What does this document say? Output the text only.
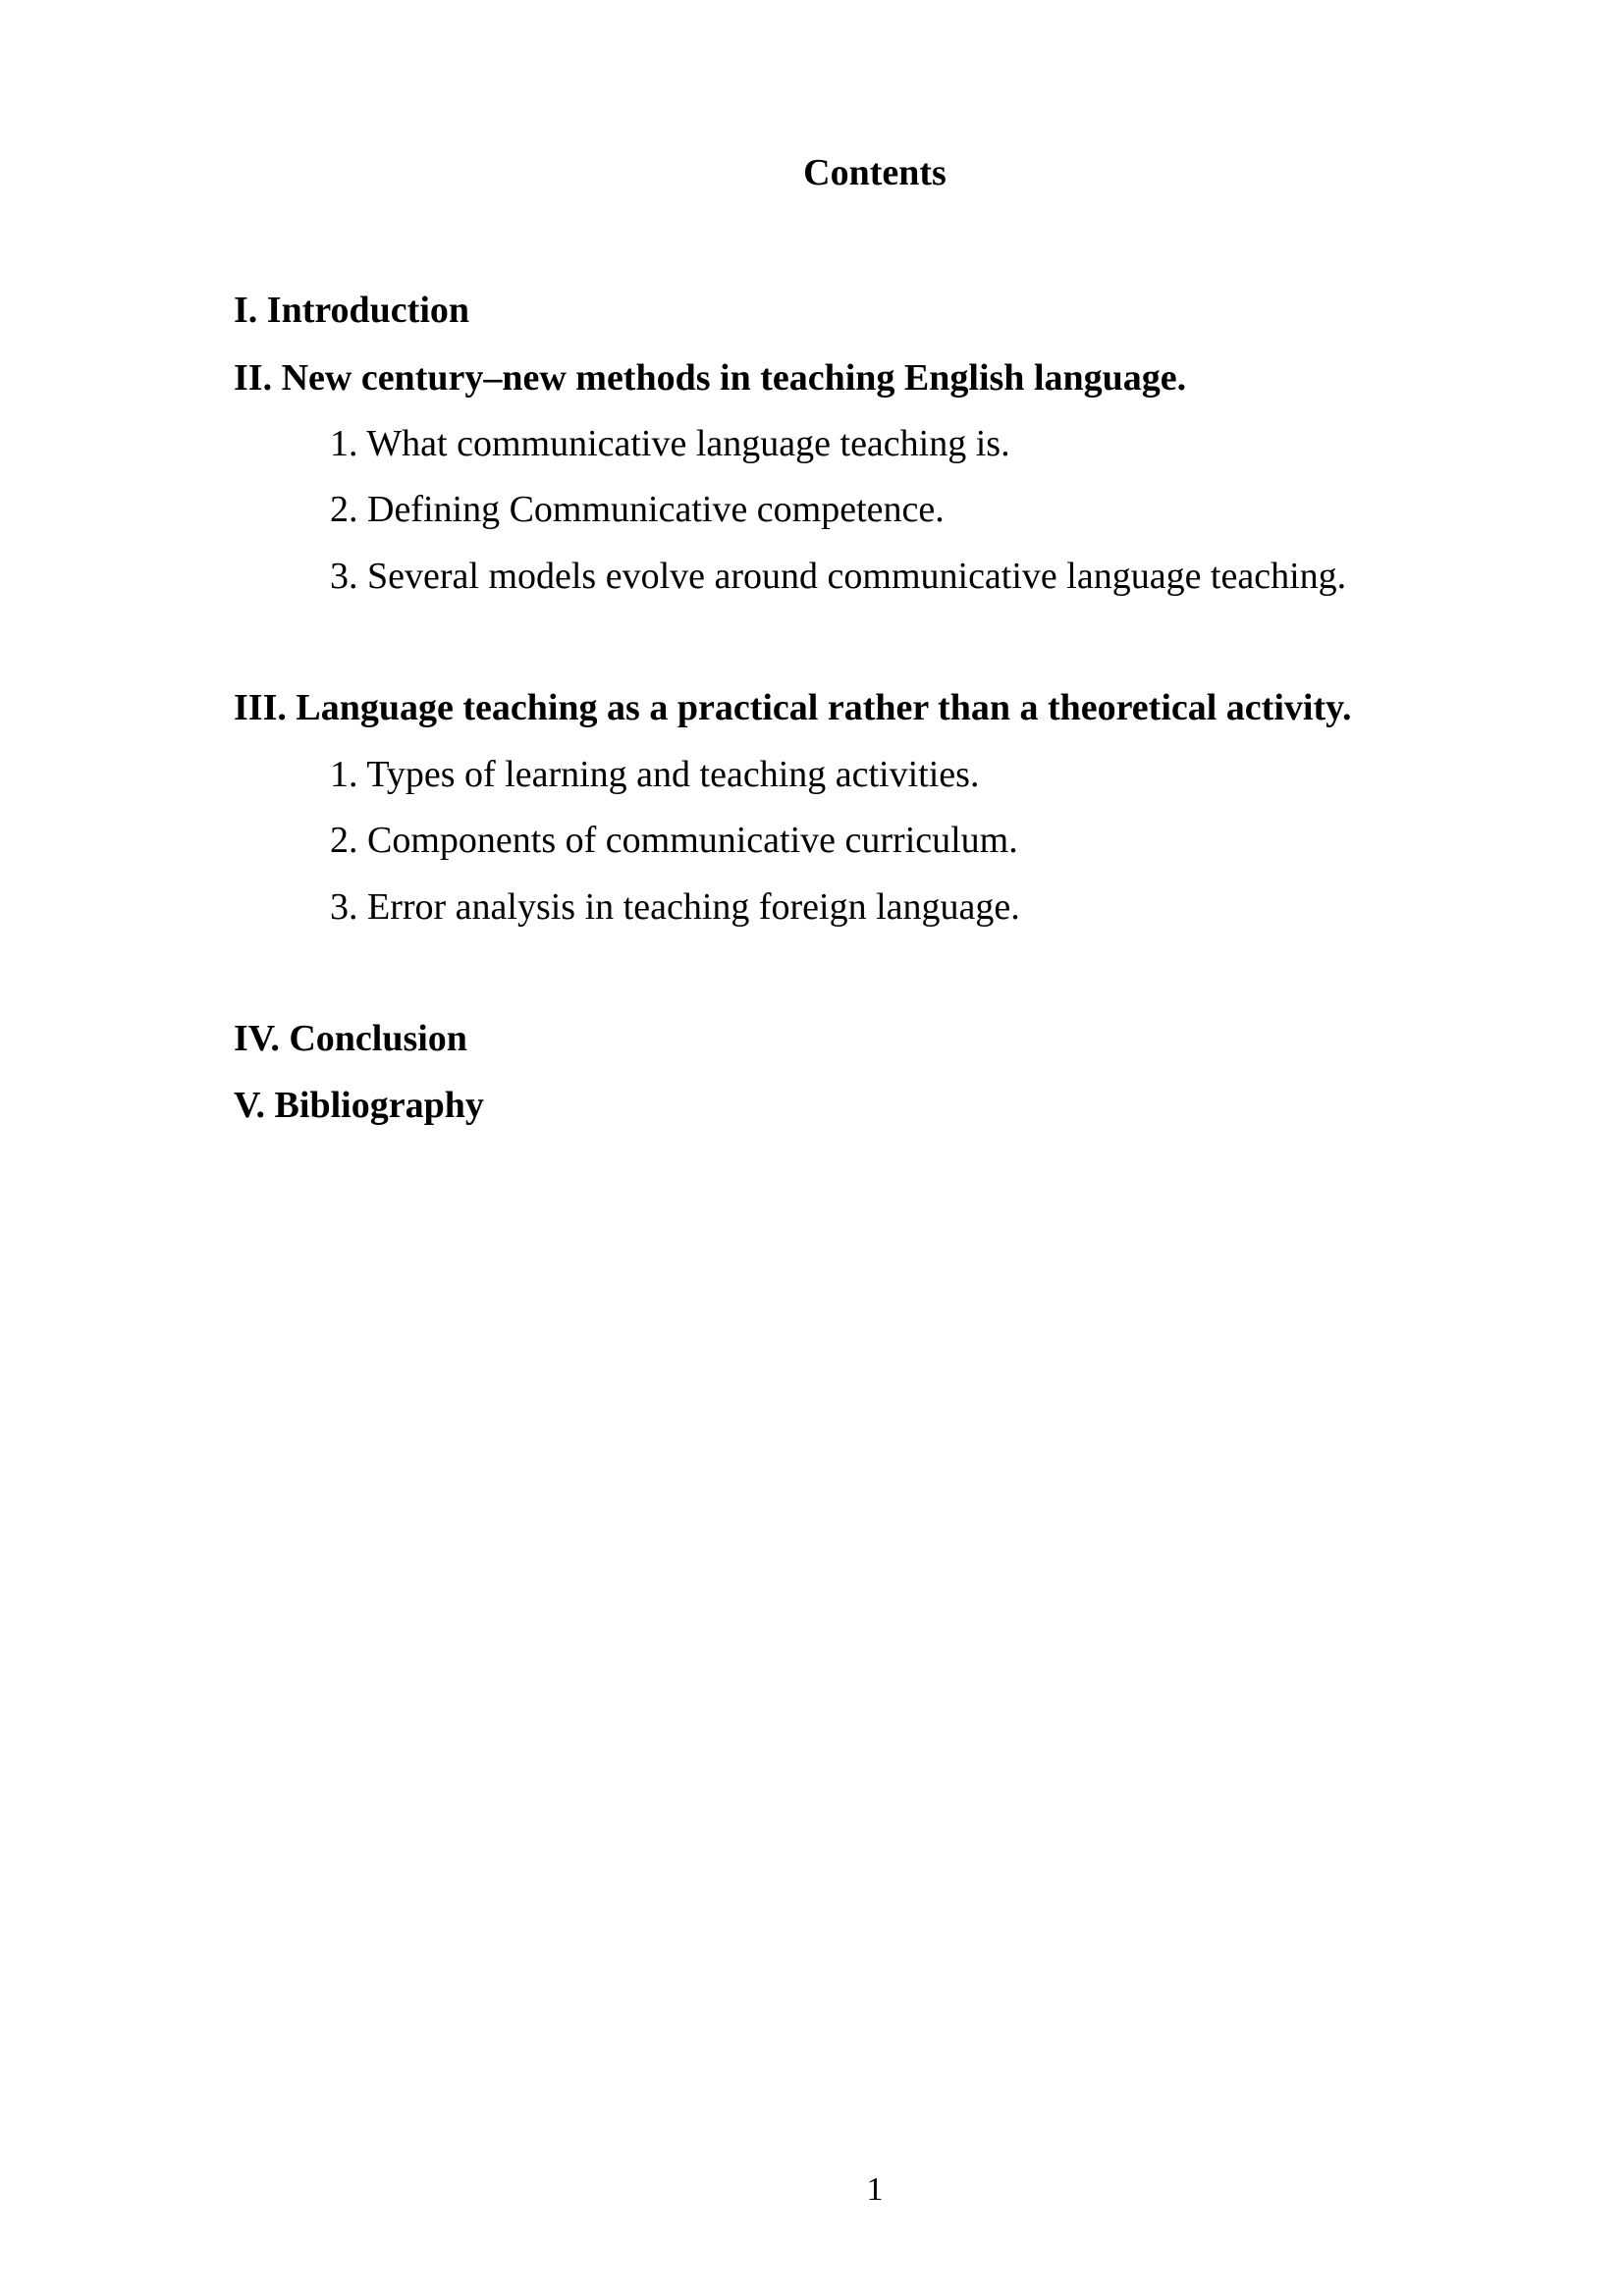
Contents
I. Introduction
II. New century–new methods in teaching English language.
1. What communicative language teaching is.
2. Defining Communicative competence.
3. Several models evolve around communicative language teaching.
III. Language teaching as a practical rather than a theoretical activity.
1. Types of learning and teaching activities.
2. Components of communicative curriculum.
3. Error analysis in teaching foreign language.
IV. Conclusion
V. Bibliography
1
